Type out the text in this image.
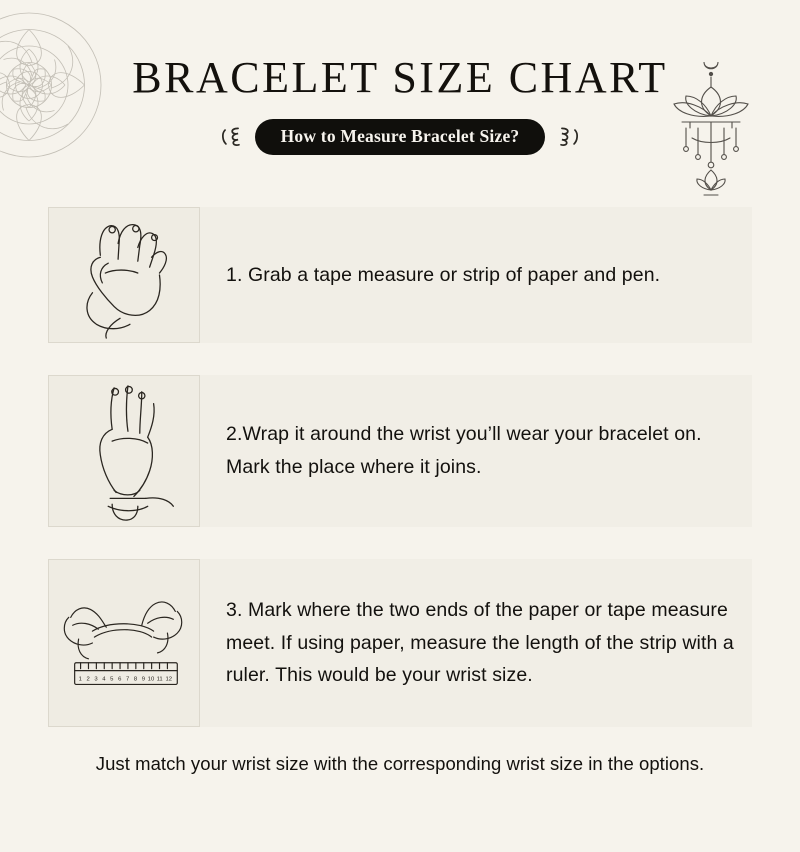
BRACELET SIZE CHART
How to Measure Bracelet Size?
1. Grab a tape measure or strip of paper and pen.
2.Wrap it around the wrist you’ll wear your bracelet on. Mark the place where it joins.
1 2 3 4 5 6 7 8 9 10 11 12
3. Mark where the two ends of the paper or tape measure meet. If using paper, measure the length of the strip with a ruler. This would be your wrist size.
Just match your wrist size with the corresponding wrist size in the options.
